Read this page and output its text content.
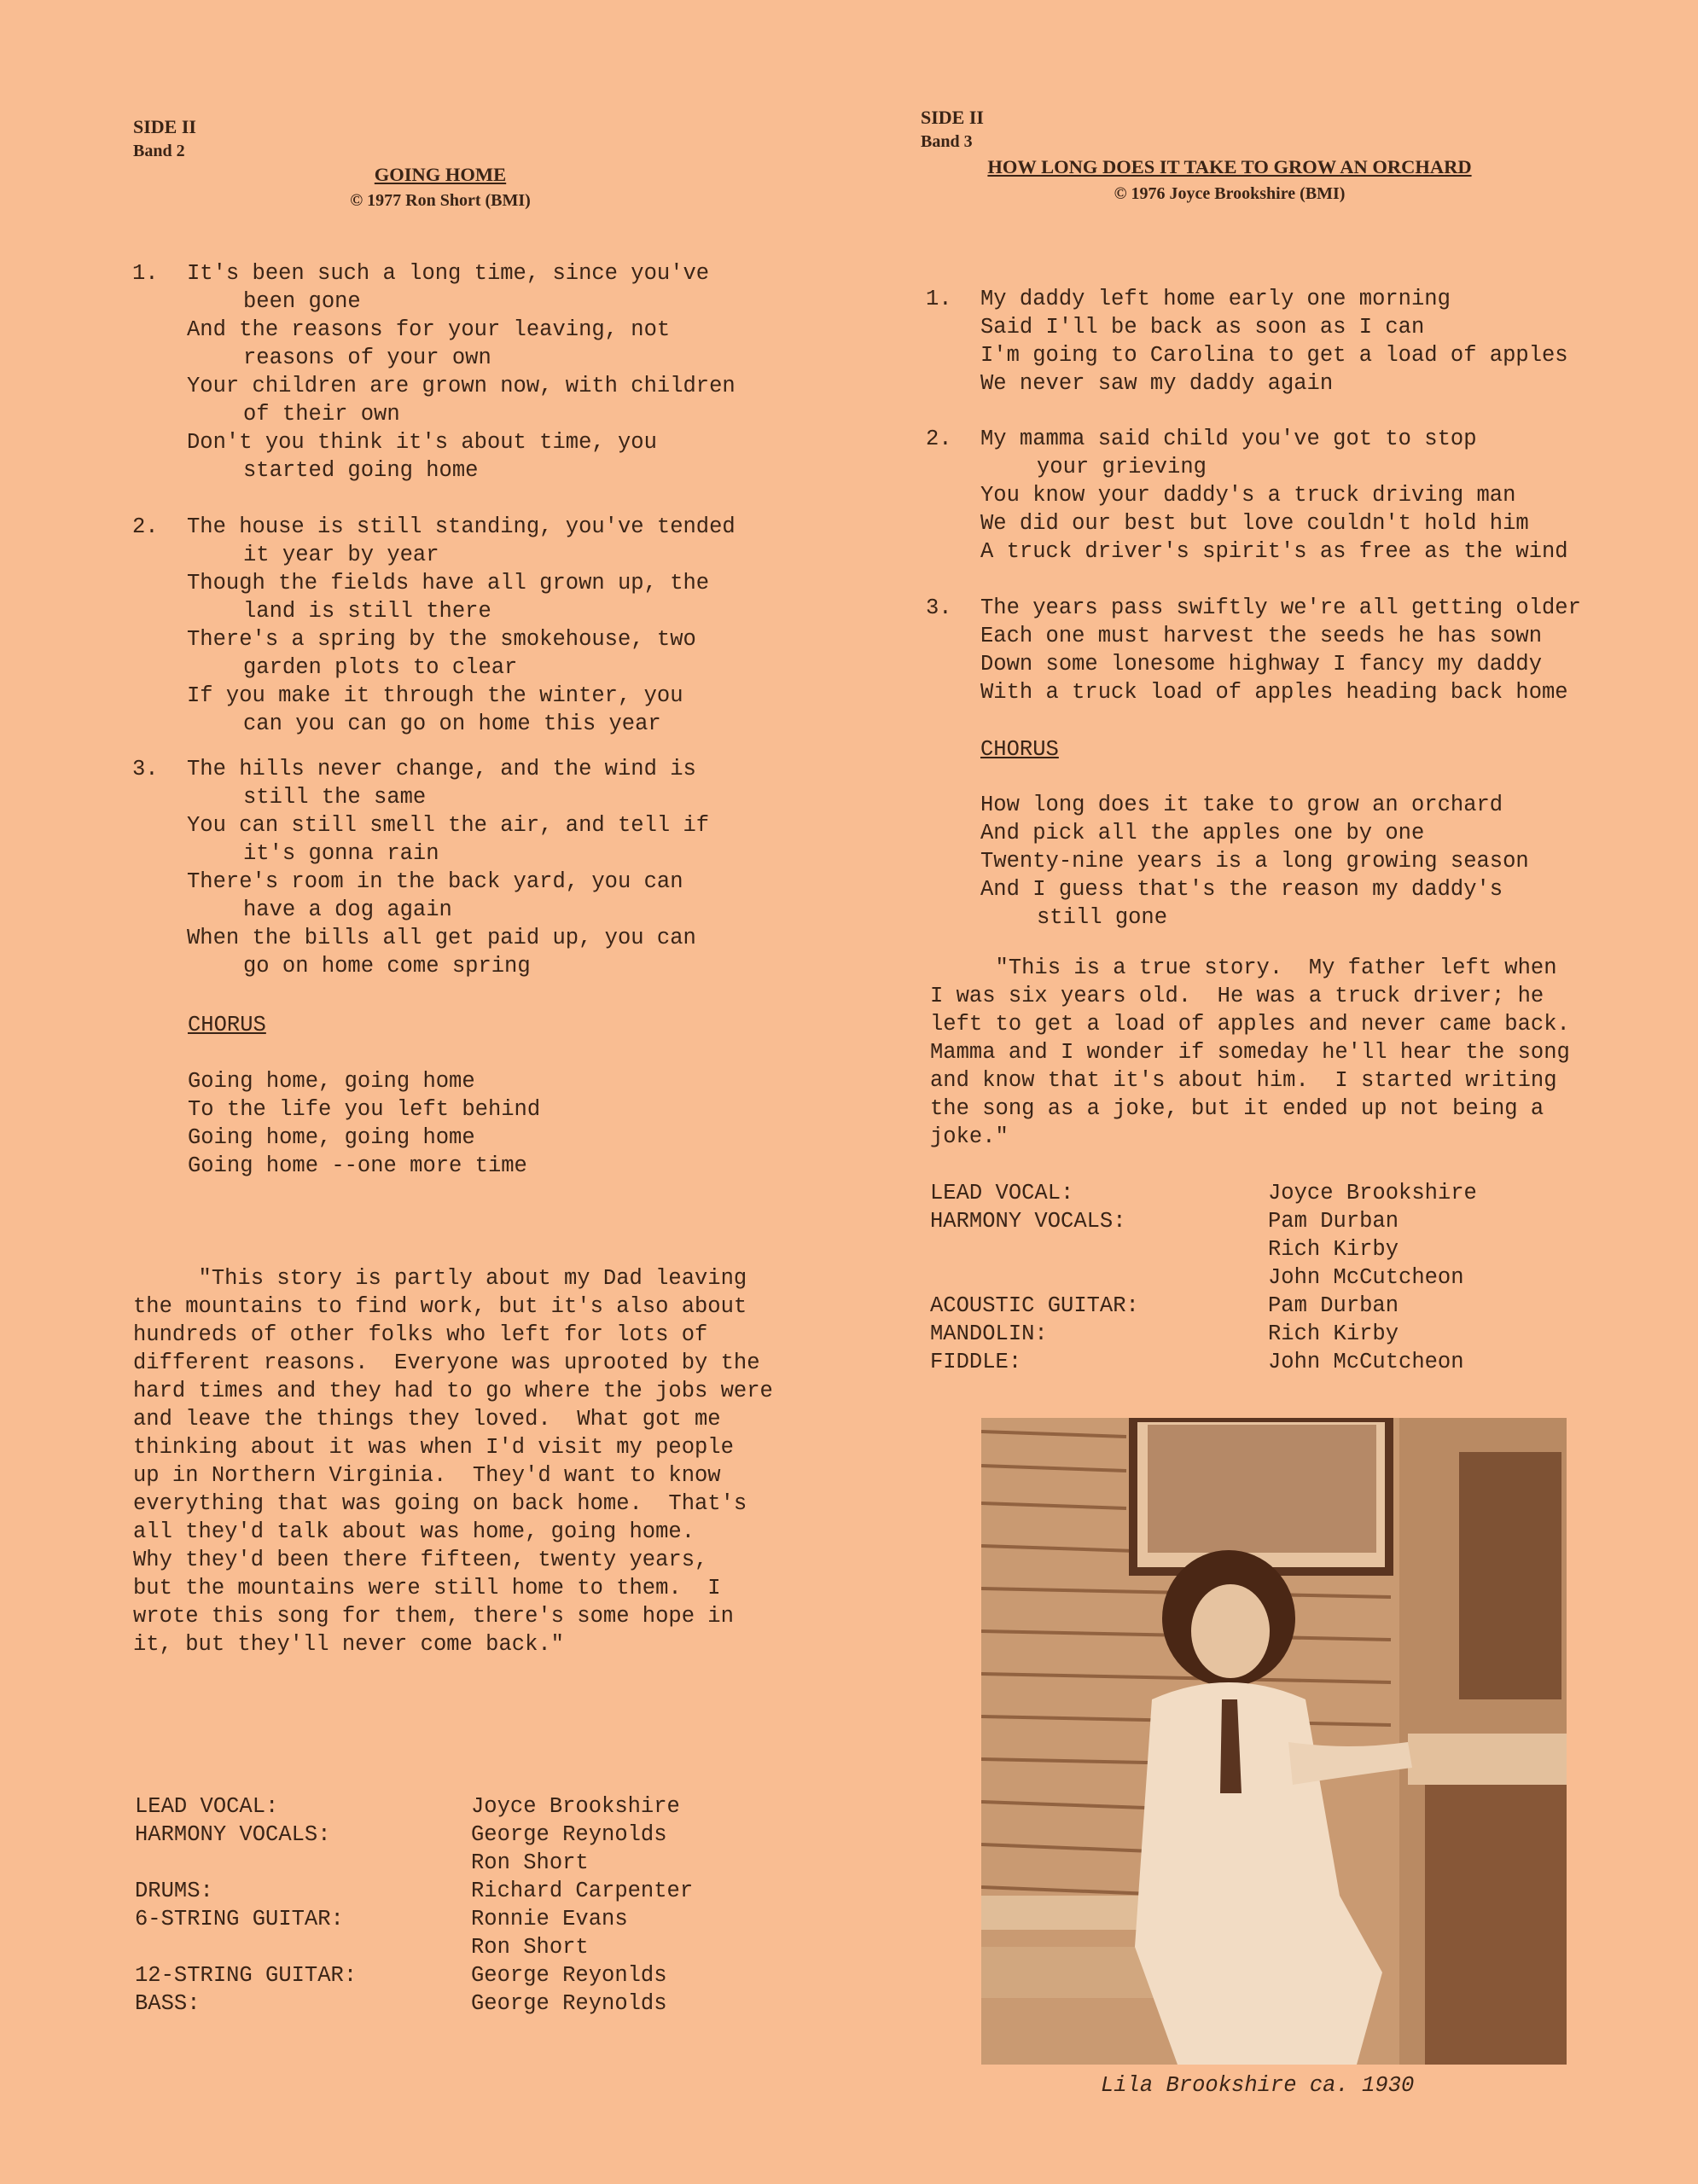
SIDE II
Band 2
GOING HOME
© 1977 Ron Short (BMI)
1.	It's been such a long time, since you've
been gone
And the reasons for your leaving, not
reasons of your own
Your children are grown now, with children
of their own
Don't you think it's about time, you
started going home
2.	The house is still standing, you've tended
it year by year
Though the fields have all grown up, the
land is still there
There's a spring by the smokehouse, two
garden plots to clear
If you make it through the winter, you
can you can go on home this year
3.	The hills never change, and the wind is
still the same
You can still smell the air, and tell if
it's gonna rain
There's room in the back yard, you can
have a dog again
When the bills all get paid up, you can
go on home come spring
CHORUS
Going home, going home
To the life you left behind
Going home, going home
Going home --one more time
"This story is partly about my Dad leaving
the mountains to find work, but it's also about
hundreds of other folks who left for lots of
different reasons.  Everyone was uprooted by the
hard times and they had to go where the jobs were
and leave the things they loved.  What got me
thinking about it was when I'd visit my people
up in Northern Virginia.  They'd want to know
everything that was going on back home.  That's
all they'd talk about was home, going home.
Why they'd been there fifteen, twenty years,
but the mountains were still home to them.  I
wrote this song for them, there's some hope in
it, but they'll never come back."
LEAD VOCAL:	Joyce Brookshire
HARMONY VOCALS:	George Reynolds
Ron Short
DRUMS:	Richard Carpenter
6-STRING GUITAR:	Ronnie Evans
Ron Short
12-STRING GUITAR:	George Reyonlds
BASS:	George Reynolds
SIDE II
Band 3
HOW LONG DOES IT TAKE TO GROW AN ORCHARD
© 1976 Joyce Brookshire (BMI)
1.	My daddy left home early one morning
Said I'll be back as soon as I can
I'm going to Carolina to get a load of apples
We never saw my daddy again
2.	My mamma said child you've got to stop
your grieving
You know your daddy's a truck driving man
We did our best but love couldn't hold him
A truck driver's spirit's as free as the wind
3.	The years pass swiftly we're all getting older
Each one must harvest the seeds he has sown
Down some lonesome highway I fancy my daddy
With a truck load of apples heading back home
CHORUS
How long does it take to grow an orchard
And pick all the apples one by one
Twenty-nine years is a long growing season
And I guess that's the reason my daddy's
still gone
"This is a true story.  My father left when
I was six years old.  He was a truck driver; he
left to get a load of apples and never came back.
Mamma and I wonder if someday he'll hear the song
and know that it's about him.  I started writing
the song as a joke, but it ended up not being a
joke."
LEAD VOCAL:	Joyce Brookshire
HARMONY VOCALS:	Pam Durban
Rich Kirby
John McCutcheon
ACOUSTIC GUITAR:	Pam Durban
MANDOLIN:	Rich Kirby
FIDDLE:	John McCutcheon
Lila Brookshire ca. 1930
